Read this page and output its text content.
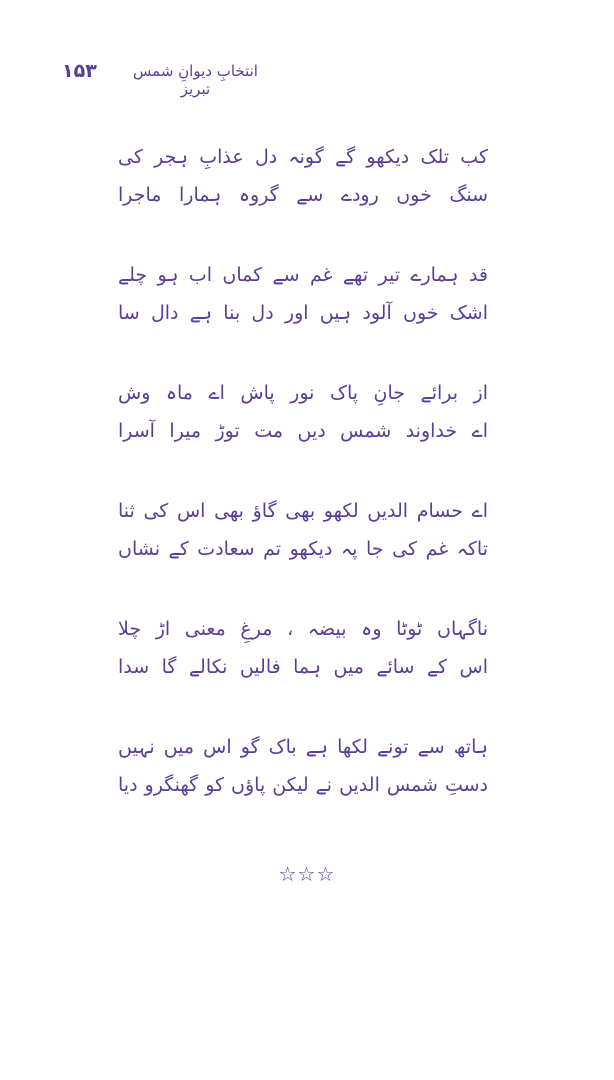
۱۵۳	انتخابِ دیوانِ شمس تبریز
کب تلک دیکھو گے گونہ دل عذابِ ہجر کی
سنگ خوں رودے سے گروہ ہمارا ماجرا
قد ہمارے تیر تھے غم سے کماں اب ہو چلے
اشک خوں آلود ہیں اور دل بنا ہے دال سا
از برائے جانِ پاک نور پاش اے ماہ وش
اے خداوند شمس دیں مت توڑ میرا آسرا
اے حسام الدیں لکھو بھی گاؤ بھی اس کی ثنا
تاکہ غم کی جا پہ دیکھو تم سعادت کے نشاں
ناگہاں ٹوٹا وہ بیضہ ، مرغِ معنی اڑ چلا
اس کے سائے میں ہما فالیں نکالے گا سدا
ہاتھ سے تونے لکھا ہے باک گو اس میں نہیں
دستِ شمس الدیں نے لیکن پاؤں کو گھنگرو دیا
☆☆☆
